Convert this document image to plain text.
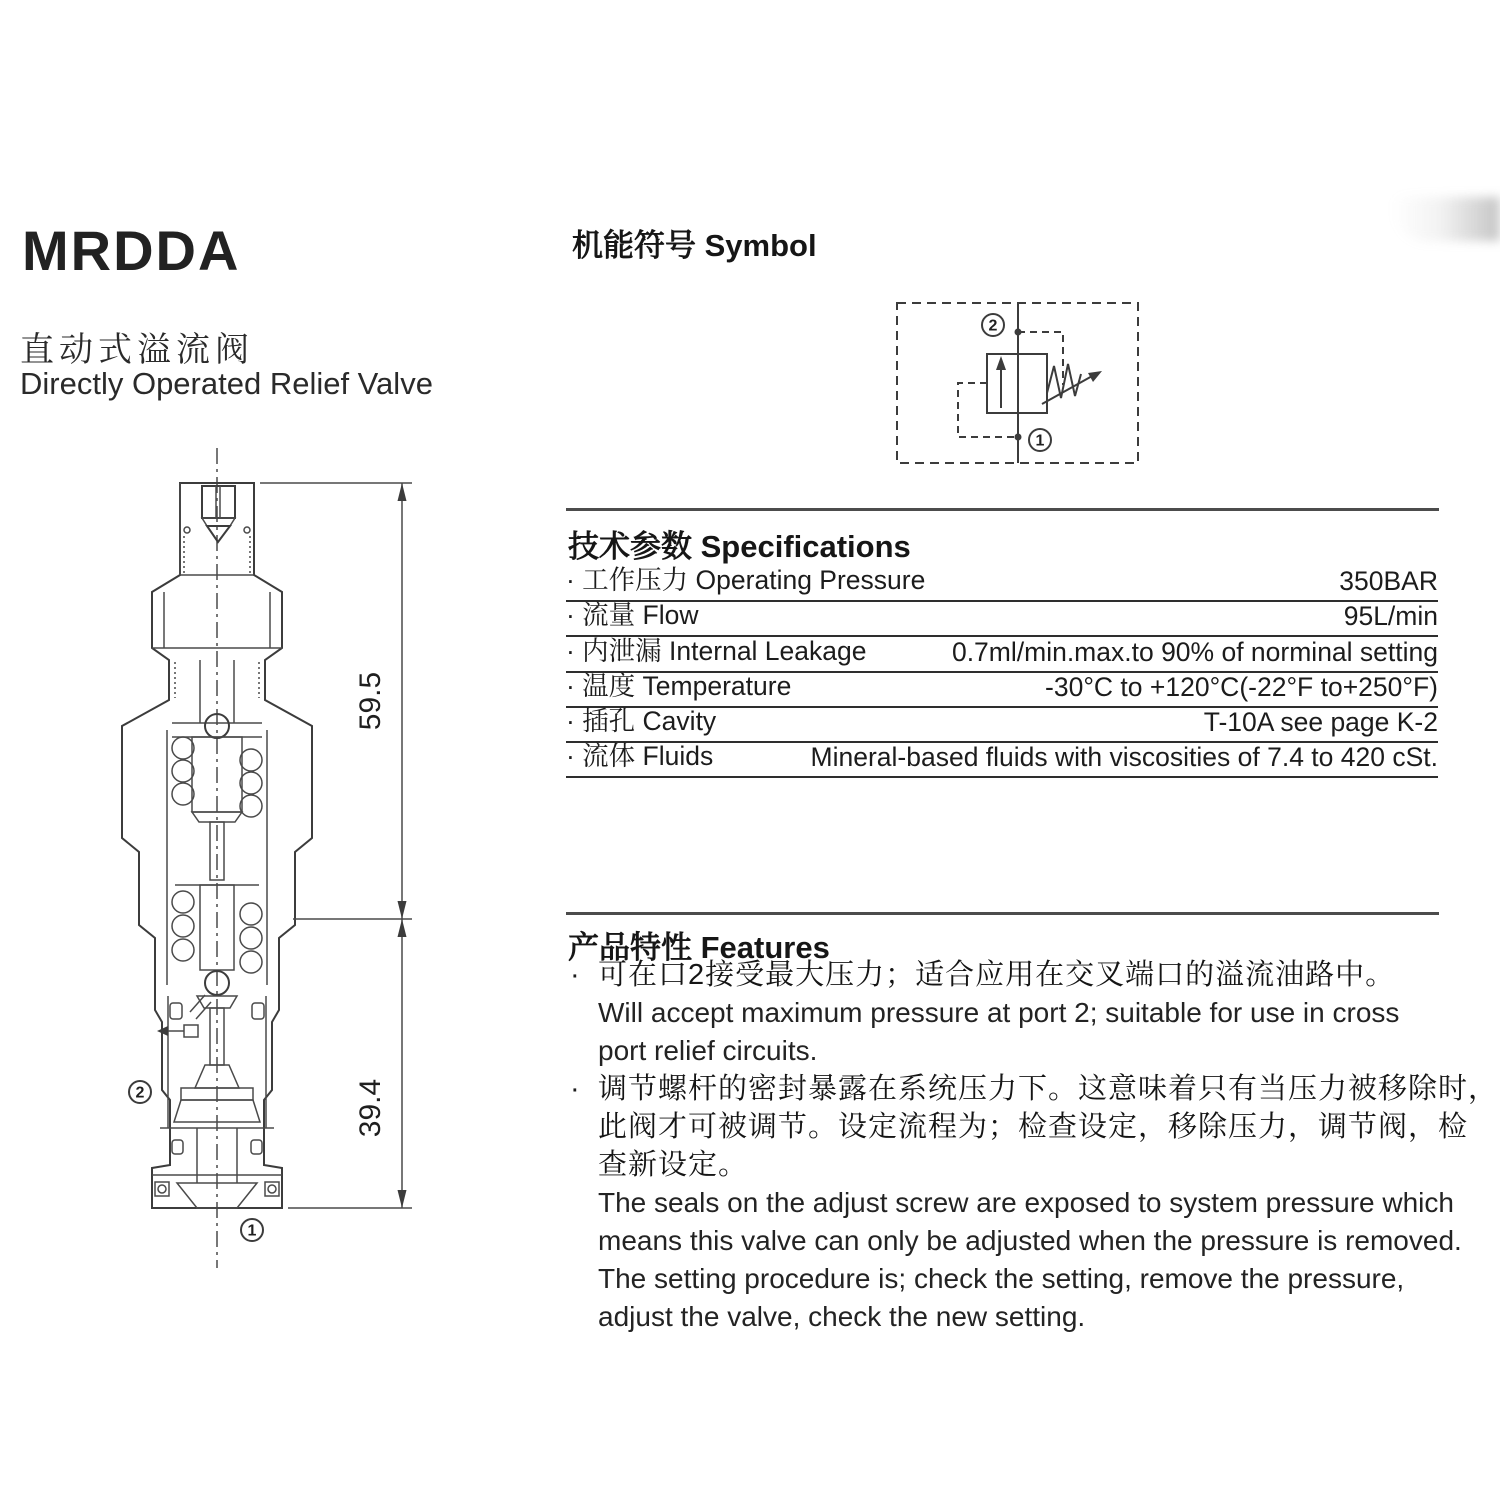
MRDDA
直动式溢流阀
Directly Operated Relief Valve
机能符号 Symbol
2
1
技术参数 Specifications
· 工作压力 Operating Pressure	350BAR
· 流量 Flow	95L/min
· 内泄漏 Internal Leakage	0.7ml/min.max.to 90% of norminal setting
· 温度 Temperature	-30°C to +120°C(-22°F to+250°F)
· 插孔 Cavity	T-10A see page K-2
· 流体 Fluids	Mineral-based fluids with viscosities of 7.4 to 420 cSt.
产品特性 Features
· 可在口2接受最大压力；适合应用在交叉端口的溢流油路中。
Will accept maximum pressure at port 2; suitable for use in cross
port relief circuits.
· 调节螺杆的密封暴露在系统压力下。这意味着只有当压力被移除时，
此阀才可被调节。设定流程为；检查设定，移除压力，调节阀，检
查新设定。
The seals on the adjust screw are exposed to system pressure which
means this valve can only be adjusted when the pressure is removed.
The setting procedure is; check the setting, remove the pressure,
adjust the valve, check the new setting.
59.5
39.4
2
1
